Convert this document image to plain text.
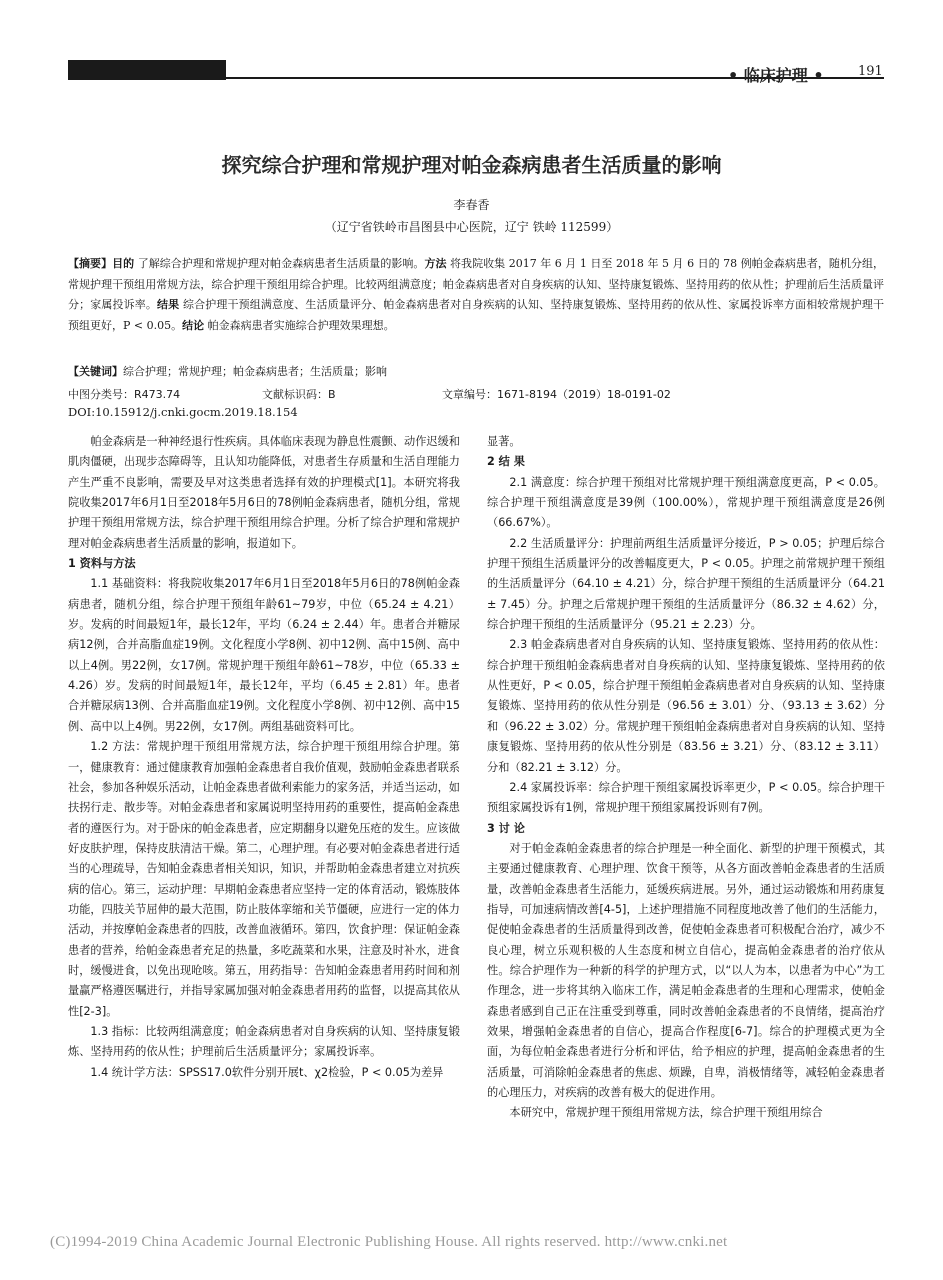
• 临床护理 •	191
探究综合护理和常规护理对帕金森病患者生活质量的影响
李春香
（辽宁省铁岭市昌图县中心医院，辽宁 铁岭 112599）
【摘要】目的 了解综合护理和常规护理对帕金森病患者生活质量的影响。方法 将我院收集 2017 年 6 月 1 日至 2018 年 5 月 6 日的 78 例帕金森病患者，随机分组，常规护理干预组用常规方法，综合护理干预组用综合护理。比较两组满意度；帕金森病患者对自身疾病的认知、坚持康复锻炼、坚持用药的依从性；护理前后生活质量评分；家属投诉率。结果 综合护理干预组满意度、生活质量评分、帕金森病患者对自身疾病的认知、坚持康复锻炼、坚持用药的依从性、家属投诉率方面相较常规护理干预组更好，P < 0.05。结论 帕金森病患者实施综合护理效果理想。
【关键词】综合护理；常规护理；帕金森病患者；生活质量；影响
中图分类号：R473.74	文献标识码：B	文章编号：1671-8194（2019）18-0191-02
DOI:10.15912/j.cnki.gocm.2019.18.154

帕金森病是一种神经退行性疾病。具体临床表现为静息性震颤、动作迟缓和肌肉僵硬，出现步态障碍等，且认知功能降低，对患者生存质量和生活自理能力产生严重不良影响，需要及早对这类患者选择有效的护理模式[1]。本研究将我院收集2017年6月1日至2018年5月6日的78例帕金森病患者，随机分组，常规护理干预组用常规方法，综合护理干预组用综合护理。分析了综合护理和常规护理对帕金森病患者生活质量的影响，报道如下。

1 资料与方法

1.1 基础资料：将我院收集2017年6月1日至2018年5月6日的78例帕金森病患者，随机分组，综合护理干预组年龄61~79岁，中位（65.24 ± 4.21）岁。发病的时间最短1年，最长12年，平均（6.24 ± 2.44）年。患者合并糖尿病12例，合并高脂血症19例。文化程度小学8例、初中12例、高中15例、高中以上4例。男22例，女17例。常规护理干预组年龄61~78岁，中位（65.33 ± 4.26）岁。发病的时间最短1年，最长12年，平均（6.45 ± 2.81）年。患者合并糖尿病13例、合并高脂血症19例。文化程度小学8例、初中12例、高中15例、高中以上4例。男22例，女17例。两组基础资料可比。

1.2 方法：常规护理干预组用常规方法，综合护理干预组用综合护理。第一，健康教育：通过健康教育加强帕金森患者自我价值观，鼓励帕金森患者联系社会，参加各种娱乐活动，让帕金森患者做利索能力的家务活，并适当运动，如扶拐行走、散步等。对帕金森患者和家属说明坚持用药的重要性，提高帕金森患者的遵医行为。对于卧床的帕金森患者，应定期翻身以避免压疮的发生。应该做好皮肤护理，保持皮肤清洁干燥。第二，心理护理。有必要对帕金森患者进行适当的心理疏导，告知帕金森患者相关知识，知识，并帮助帕金森患者建立对抗疾病的信心。第三，运动护理：早期帕金森患者应坚持一定的体育活动，锻炼肢体功能，四肢关节屈伸的最大范围，防止肢体挛缩和关节僵硬，应进行一定的体力活动，并按摩帕金森患者的四肢，改善血液循环。第四，饮食护理：保证帕金森患者的营养，给帕金森患者充足的热量，多吃蔬菜和水果，注意及时补水，进食时，缓慢进食，以免出现呛咳。第五，用药指导：告知帕金森患者用药时间和剂量赢严格遵医嘱进行，并指导家属加强对帕金森患者用药的监督，以提高其依从性[2-3]。

1.3 指标：比较两组满意度；帕金森病患者对自身疾病的认知、坚持康复锻炼、坚持用药的依从性；护理前后生活质量评分；家属投诉率。

1.4 统计学方法：SPSS17.0软件分别开展t、χ2检验，P < 0.05为差异

显著。

2 结 果

2.1 满意度：综合护理干预组对比常规护理干预组满意度更高，P < 0.05。综合护理干预组满意度是39例（100.00%），常规护理干预组满意度是26例（66.67%）。

2.2 生活质量评分：护理前两组生活质量评分接近，P > 0.05；护理后综合护理干预组生活质量评分的改善幅度更大，P < 0.05。护理之前常规护理干预组的生活质量评分（64.10 ± 4.21）分，综合护理干预组的生活质量评分（64.21 ± 7.45）分。护理之后常规护理干预组的生活质量评分（86.32 ± 4.62）分，综合护理干预组的生活质量评分（95.21 ± 2.23）分。

2.3 帕金森病患者对自身疾病的认知、坚持康复锻炼、坚持用药的依从性：综合护理干预组帕金森病患者对自身疾病的认知、坚持康复锻炼、坚持用药的依从性更好，P < 0.05，综合护理干预组帕金森病患者对自身疾病的认知、坚持康复锻炼、坚持用药的依从性分别是（96.56 ± 3.01）分、（93.13 ± 3.62）分和（96.22 ± 3.02）分。常规护理干预组帕金森病患者对自身疾病的认知、坚持康复锻炼、坚持用药的依从性分别是（83.56 ± 3.21）分、（83.12 ± 3.11）分和（82.21 ± 3.12）分。

2.4 家属投诉率：综合护理干预组家属投诉率更少，P < 0.05。综合护理干预组家属投诉有1例，常规护理干预组家属投诉则有7例。

3 讨 论

对于帕金森帕金森患者的综合护理是一种全面化、新型的护理干预模式，其主要通过健康教育、心理护理、饮食干预等，从各方面改善帕金森患者的生活质量，改善帕金森患者生活能力，延缓疾病进展。另外，通过运动锻炼和用药康复指导，可加速病情改善[4-5]，上述护理措施不同程度地改善了他们的生活能力，促使帕金森患者的生活质量得到改善，促使帕金森患者可积极配合治疗，减少不良心理，树立乐观积极的人生态度和树立自信心，提高帕金森患者的治疗依从性。综合护理作为一种新的科学的护理方式，以“以人为本，以患者为中心”为工作理念，进一步将其纳入临床工作，满足帕金森患者的生理和心理需求，使帕金森患者感到自己正在注重受到尊重，同时改善帕金森患者的不良情绪，提高治疗效果，增强帕金森患者的自信心，提高合作程度[6-7]。综合的护理模式更为全面，为每位帕金森患者进行分析和评估，给予相应的护理，提高帕金森患者的生活质量，可消除帕金森患者的焦虑、烦躁，自卑，消极情绪等，减轻帕金森患者的心理压力，对疾病的改善有极大的促进作用。

本研究中，常规护理干预组用常规方法，综合护理干预组用综合

(C)1994-2019 China Academic Journal Electronic Publishing House. All rights reserved. http://www.cnki.net
